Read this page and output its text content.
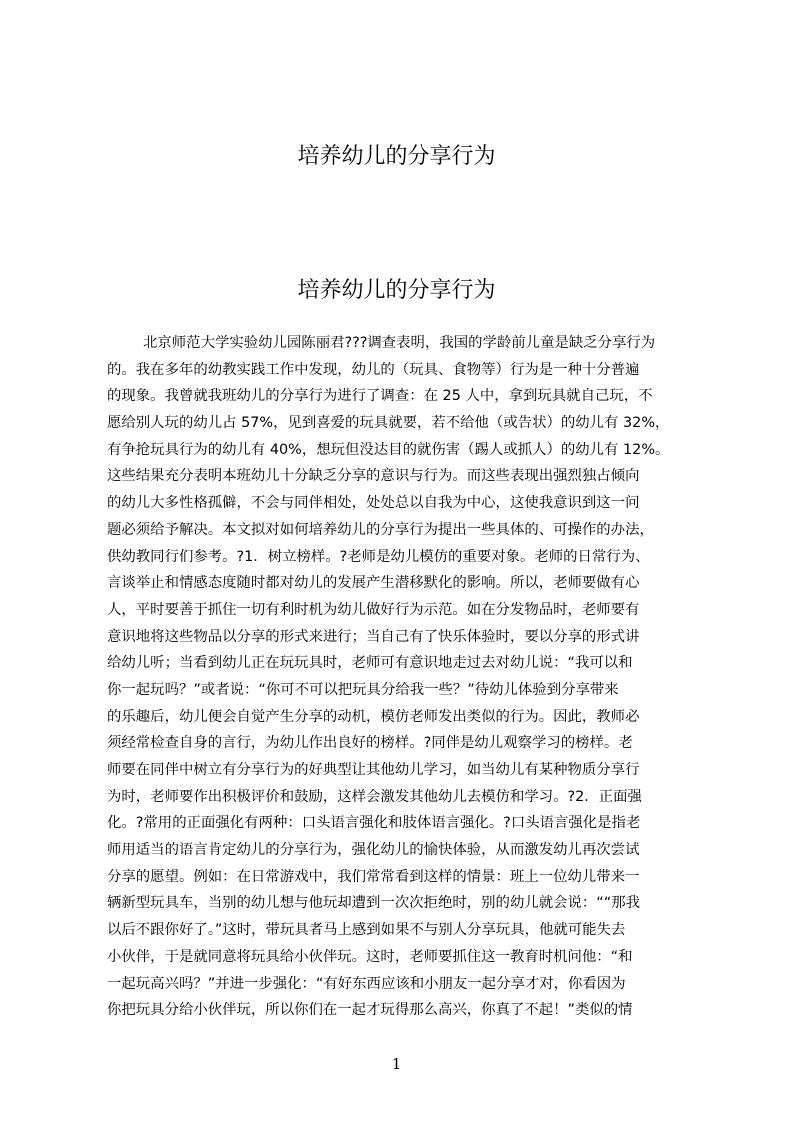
培养幼儿的分享行为
培养幼儿的分享行为
北京师范大学实验幼儿园陈丽君???调查表明，我国的学龄前儿童是缺乏分享行为
的。我在多年的幼教实践工作中发现，幼儿的（玩具、食物等）行为是一种十分普遍
的现象。我曾就我班幼儿的分享行为进行了调查：在 25 人中，拿到玩具就自己玩，不
愿给别人玩的幼儿占 57%，见到喜爱的玩具就要，若不给他（或告状）的幼儿有 32%，
有争抢玩具行为的幼儿有 40%，想玩但没达目的就伤害（踢人或抓人）的幼儿有 12%。
这些结果充分表明本班幼儿十分缺乏分享的意识与行为。而这些表现出强烈独占倾向
的幼儿大多性格孤僻，不会与同伴相处，处处总以自我为中心，这使我意识到这一问
题必须给予解决。本文拟对如何培养幼儿的分享行为提出一些具体的、可操作的办法，
供幼教同行们参考。?1．树立榜样。?老师是幼儿模仿的重要对象。老师的日常行为、
言谈举止和情感态度随时都对幼儿的发展产生潜移默化的影响。所以，老师要做有心
人，平时要善于抓住一切有利时机为幼儿做好行为示范。如在分发物品时，老师要有
意识地将这些物品以分享的形式来进行；当自己有了快乐体验时，要以分享的形式讲
给幼儿听；当看到幼儿正在玩玩具时，老师可有意识地走过去对幼儿说：“我可以和
你一起玩吗？”或者说：“你可不可以把玩具分给我一些？”待幼儿体验到分享带来
的乐趣后，幼儿便会自觉产生分享的动机，模仿老师发出类似的行为。因此，教师必
须经常检查自身的言行，为幼儿作出良好的榜样。?同伴是幼儿观察学习的榜样。老
师要在同伴中树立有分享行为的好典型让其他幼儿学习，如当幼儿有某种物质分享行
为时，老师要作出积极评价和鼓励，这样会激发其他幼儿去模仿和学习。?2．正面强
化。?常用的正面强化有两种：口头语言强化和肢体语言强化。?口头语言强化是指老
师用适当的语言肯定幼儿的分享行为，强化幼儿的愉快体验，从而激发幼儿再次尝试
分享的愿望。例如：在日常游戏中，我们常常看到这样的情景：班上一位幼儿带来一
辆新型玩具车，当别的幼儿想与他玩却遭到一次次拒绝时，别的幼儿就会说：““那我
以后不跟你好了。”这时，带玩具者马上感到如果不与别人分享玩具，他就可能失去
小伙伴，于是就同意将玩具给小伙伴玩。这时，老师要抓住这一教育时机问他：“和
一起玩高兴吗？”并进一步强化：“有好东西应该和小朋友一起分享才对，你看因为
你把玩具分给小伙伴玩，所以你们在一起才玩得那么高兴，你真了不起！”类似的情
1
